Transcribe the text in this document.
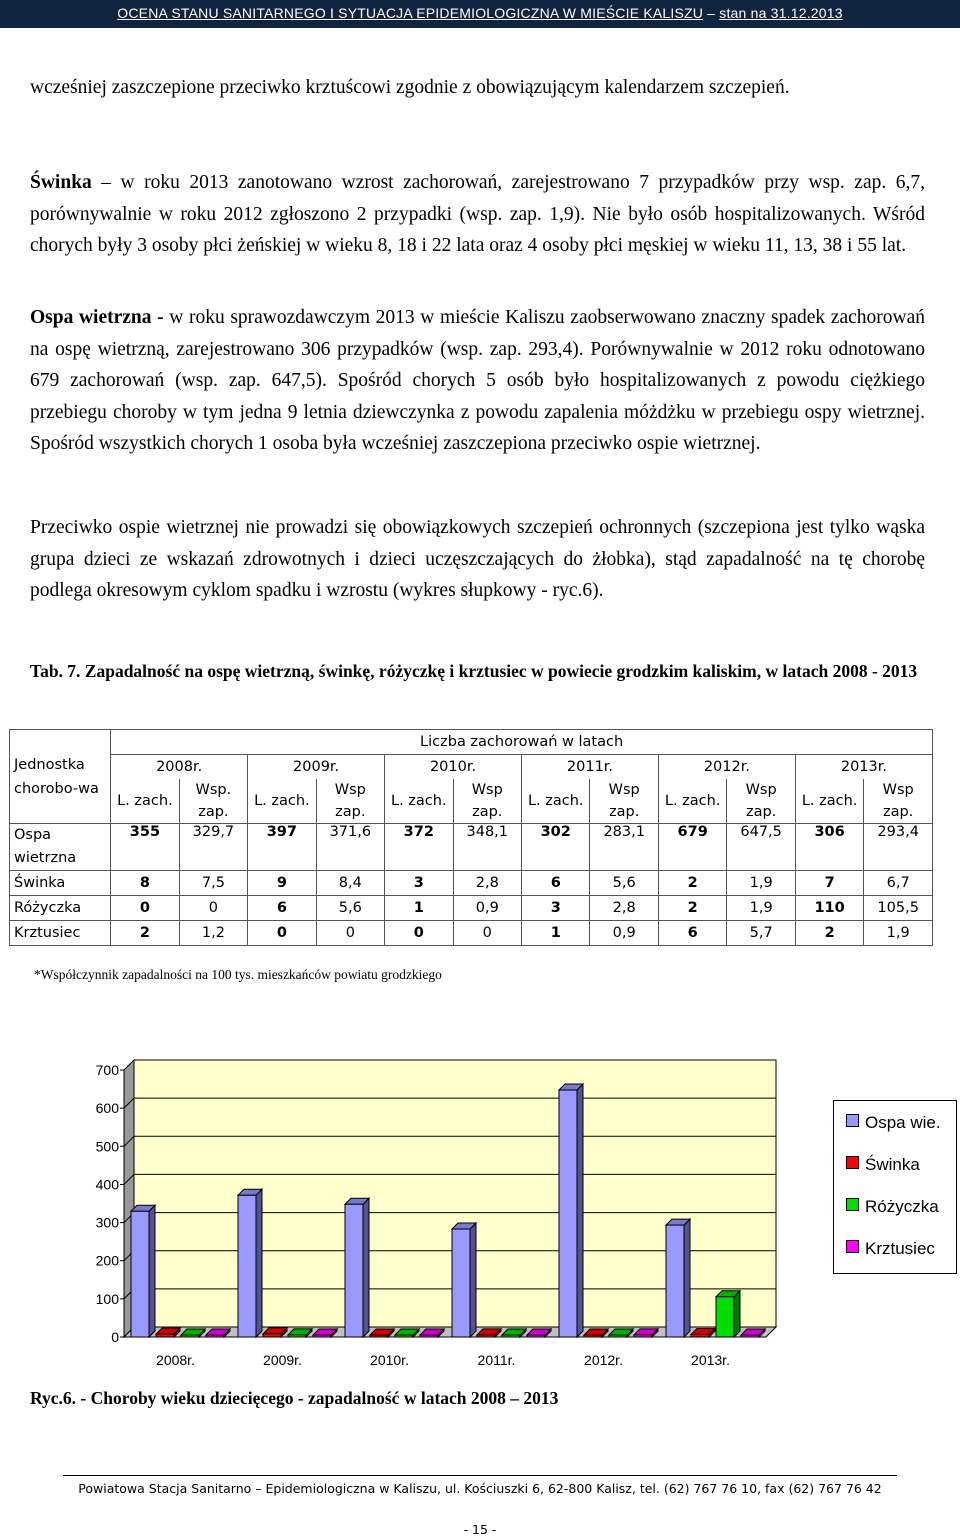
OCENA STANU SANITARNEGO I SYTUACJA EPIDEMIOLOGICZNA W MIEŚCIE KALISZU – stan na 31.12.2013

wcześniej zaszczepione przeciwko krztuścowi zgodnie z obowiązującym kalendarzem szczepień.

Świnka – w roku 2013 zanotowano wzrost zachorowań, zarejestrowano 7 przypadków przy wsp. zap. 6,7, porównywalnie w roku 2012 zgłoszono 2 przypadki (wsp. zap. 1,9). Nie było osób hospitalizowanych. Wśród chorych były 3 osoby płci żeńskiej w wieku 8, 18 i 22 lata oraz 4 osoby płci męskiej w wieku 11, 13, 38 i 55 lat.

Ospa wietrzna - w roku sprawozdawczym 2013 w mieście Kaliszu zaobserwowano znaczny spadek zachorowań na ospę wietrzną, zarejestrowano 306 przypadków (wsp. zap. 293,4). Porównywalnie w 2012 roku odnotowano 679 zachorowań (wsp. zap. 647,5). Spośród chorych 5 osób było hospitalizowanych z powodu ciężkiego przebiegu choroby w tym jedna 9 letnia dziewczynka z powodu zapalenia móżdżku w przebiegu ospy wietrznej. Spośród wszystkich chorych 1 osoba była wcześniej zaszczepiona przeciwko ospie wietrznej.

Przeciwko ospie wietrznej nie prowadzi się obowiązkowych szczepień ochronnych (szczepiona jest tylko wąska grupa dzieci ze wskazań zdrowotnych i dzieci uczęszczających do żłobka), stąd zapadalność na tę chorobę podlega okresowym cyklom spadku i wzrostu (wykres słupkowy - ryc.6).

Tab. 7. Zapadalność na ospę wietrzną, świnkę, różyczkę i krztusiec w powiecie grodzkim kaliskim, w latach 2008 - 2013

Jednostka chorobo-wa	Liczba zachorowań w latach											
	2008r.		2009r.		2010r.		2011r.		2012r.		2013r.	
	L. zach.	Wsp. zap.	L. zach.	Wsp zap.	L. zach.	Wsp zap.	L. zach.	Wsp zap.	L. zach.	Wsp zap.	L. zach.	Wsp zap.
Ospa wietrzna	355	329,7	397	371,6	372	348,1	302	283,1	679	647,5	306	293,4
Świnka	8	7,5	9	8,4	3	2,8	6	5,6	2	1,9	7	6,7
Różyczka	0	0	6	5,6	1	0,9	3	2,8	2	1,9	110	105,5
Krztusiec	2	1,2	0	0	0	0	1	0,9	6	5,7	2	1,9
*Współczynnik zapadalności na 100 tys. mieszkańców powiatu grodzkiego
0
100
200
300
400
500
600
700
2008r.	2009r.	2010r.	2011r.	2012r.	2013r.
Ospa wie.
Świnka
Różyczka
Krztusiec
Ryc.6. - Choroby wieku dziecięcego - zapadalność w latach 2008 – 2013
Powiatowa Stacja Sanitarno – Epidemiologiczna w Kaliszu, ul. Kościuszki 6, 62-800 Kalisz, tel. (62) 767 76 10, fax (62) 767 76 42
- 15 -
